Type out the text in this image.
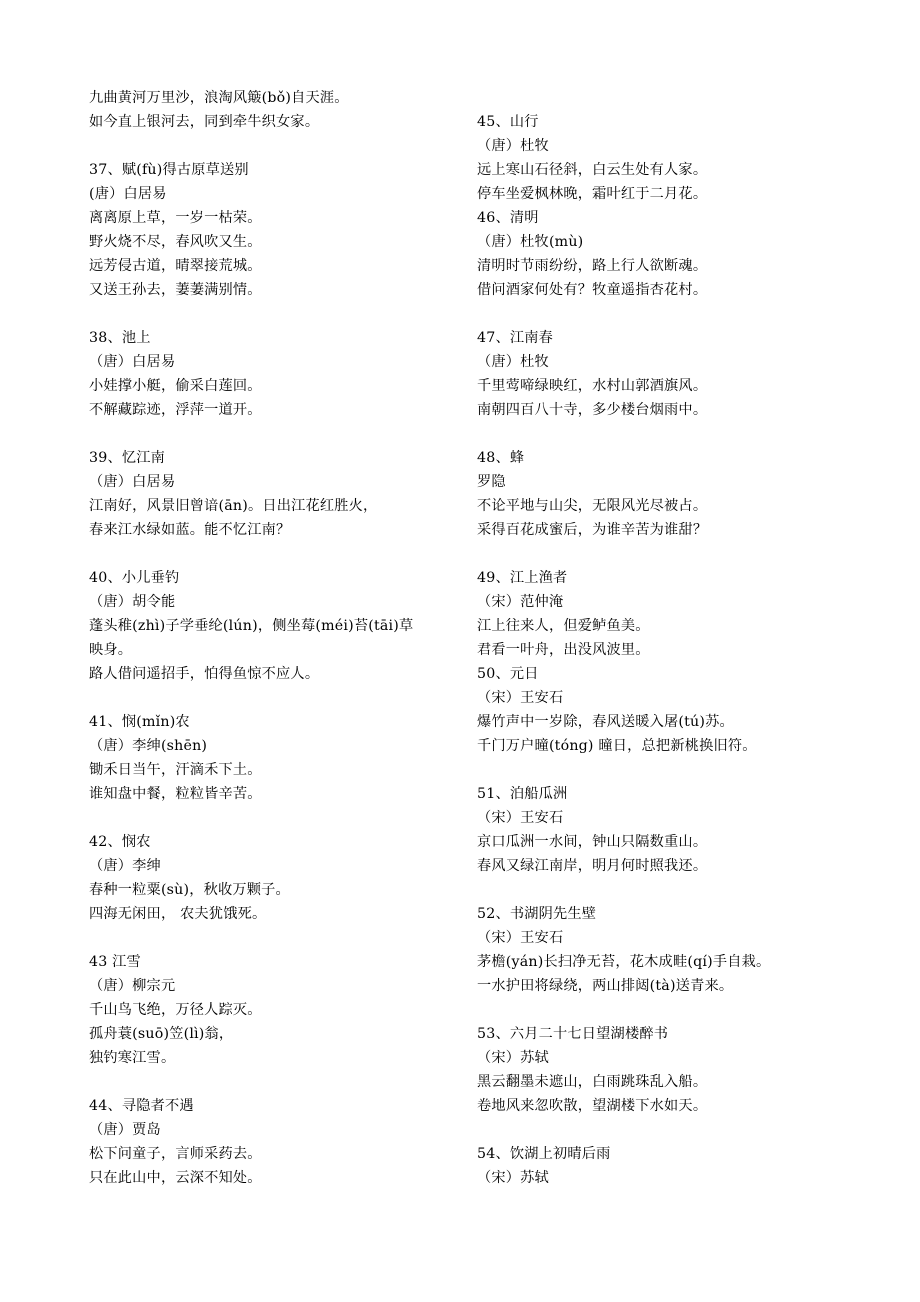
九曲黄河万里沙，浪淘风簸(bǒ)自天涯。
如今直上银河去，同到牵牛织女家。
37、赋(fù)得古原草送别
(唐）白居易
离离原上草，一岁一枯荣。
野火烧不尽，春风吹又生。
远芳侵古道，晴翠接荒城。
又送王孙去，萋萋满别情。
38、池上
（唐）白居易
小娃撑小艇，偷采白莲回。
不解藏踪迹，浮萍一道开。
39、忆江南
（唐）白居易
江南好，风景旧曾谙(ān)。日出江花红胜火，
春来江水绿如蓝。能不忆江南？
40、小儿垂钓
（唐）胡令能
蓬头稚(zhì)子学垂纶(lún)，侧坐莓(méi)苔(tāi)草
映身。
路人借问遥招手，怕得鱼惊不应人。
41、悯(mǐn)农
（唐）李绅(shēn)
锄禾日当午，汗滴禾下土。
谁知盘中餐，粒粒皆辛苦。
42、悯农
（唐）李绅
春种一粒粟(sù)，秋收万颗子。
四海无闲田， 农夫犹饿死。
43 江雪
（唐）柳宗元
千山鸟飞绝，万径人踪灭。
孤舟蓑(suō)笠(lì)翁，
独钓寒江雪。
44、寻隐者不遇
（唐）贾岛
松下问童子，言师采药去。
只在此山中，云深不知处。
45、山行
（唐）杜牧
远上寒山石径斜，白云生处有人家。
停车坐爱枫林晚，霜叶红于二月花。
46、清明
（唐）杜牧(mù)
清明时节雨纷纷，路上行人欲断魂。
借问酒家何处有？牧童遥指杏花村。
47、江南春
（唐）杜牧
千里莺啼绿映红，水村山郭酒旗风。
南朝四百八十寺，多少楼台烟雨中。
48、蜂
罗隐
不论平地与山尖，无限风光尽被占。
采得百花成蜜后，为谁辛苦为谁甜？
49、江上渔者
（宋）范仲淹
江上往来人，但爱鲈鱼美。
君看一叶舟，出没风波里。
50、元日
（宋）王安石
爆竹声中一岁除，春风送暖入屠(tú)苏。
千门万户曈(tóng) 曈日，总把新桃换旧符。
51、泊船瓜洲
（宋）王安石
京口瓜洲一水间，钟山只隔数重山。
春风又绿江南岸，明月何时照我还。
52、书湖阴先生壁
（宋）王安石
茅檐(yán)长扫净无苔，花木成畦(qí)手自栽。
一水护田将绿绕，两山排闼(tà)送青来。
53、六月二十七日望湖楼醉书
（宋）苏轼
黑云翻墨未遮山，白雨跳珠乱入船。
卷地风来忽吹散，望湖楼下水如天。
54、饮湖上初晴后雨
（宋）苏轼
